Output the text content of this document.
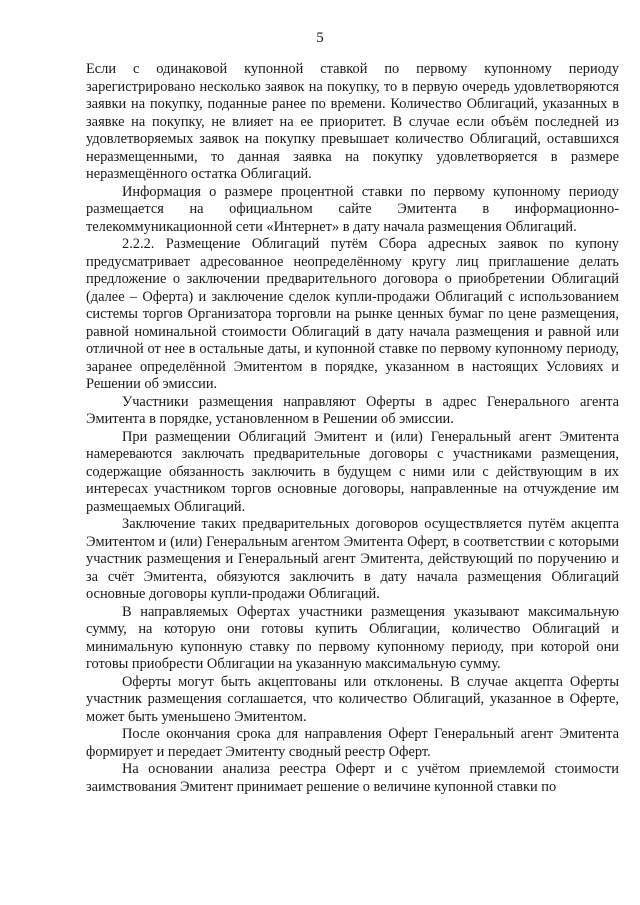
5

Если с одинаковой купонной ставкой по первому купонному периоду зарегистрировано несколько заявок на покупку, то в первую очередь удовлетворяются заявки на покупку, поданные ранее по времени. Количество Облигаций, указанных в заявке на покупку, не влияет на ее приоритет. В случае если объём последней из удовлетворяемых заявок на покупку превышает количество Облигаций, оставшихся неразмещенными, то данная заявка на покупку удовлетворяется в размере неразмещённого остатка Облигаций.

Информация о размере процентной ставки по первому купонному периоду размещается на официальном сайте Эмитента в информационно-телекоммуникационной сети «Интернет» в дату начала размещения Облигаций.

2.2.2. Размещение Облигаций путём Сбора адресных заявок по купону предусматривает адресованное неопределённому кругу лиц приглашение делать предложение о заключении предварительного договора о приобретении Облигаций (далее – Оферта) и заключение сделок купли-продажи Облигаций с использованием системы торгов Организатора торговли на рынке ценных бумаг по цене размещения, равной номинальной стоимости Облигаций в дату начала размещения и равной или отличной от нее в остальные даты, и купонной ставке по первому купонному периоду, заранее определённой Эмитентом в порядке, указанном в настоящих Условиях и Решении об эмиссии.

Участники размещения направляют Оферты в адрес Генерального агента Эмитента в порядке, установленном в Решении об эмиссии.

При размещении Облигаций Эмитент и (или) Генеральный агент Эмитента намереваются заключать предварительные договоры с участниками размещения, содержащие обязанность заключить в будущем с ними или с действующим в их интересах участником торгов основные договоры, направленные на отчуждение им размещаемых Облигаций.

Заключение таких предварительных договоров осуществляется путём акцепта Эмитентом и (или) Генеральным агентом Эмитента Оферт, в соответствии с которыми участник размещения и Генеральный агент Эмитента, действующий по поручению и за счёт Эмитента, обязуются заключить в дату начала размещения Облигаций основные договоры купли-продажи Облигаций.

В направляемых Офертах участники размещения указывают максимальную сумму, на которую они готовы купить Облигации, количество Облигаций и минимальную купонную ставку по первому купонному периоду, при которой они готовы приобрести Облигации на указанную максимальную сумму.

Оферты могут быть акцептованы или отклонены. В случае акцепта Оферты участник размещения соглашается, что количество Облигаций, указанное в Оферте, может быть уменьшено Эмитентом.

После окончания срока для направления Оферт Генеральный агент Эмитента формирует и передает Эмитенту сводный реестр Оферт.

На основании анализа реестра Оферт и с учётом приемлемой стоимости заимствования Эмитент принимает решение о величине купонной ставки по
